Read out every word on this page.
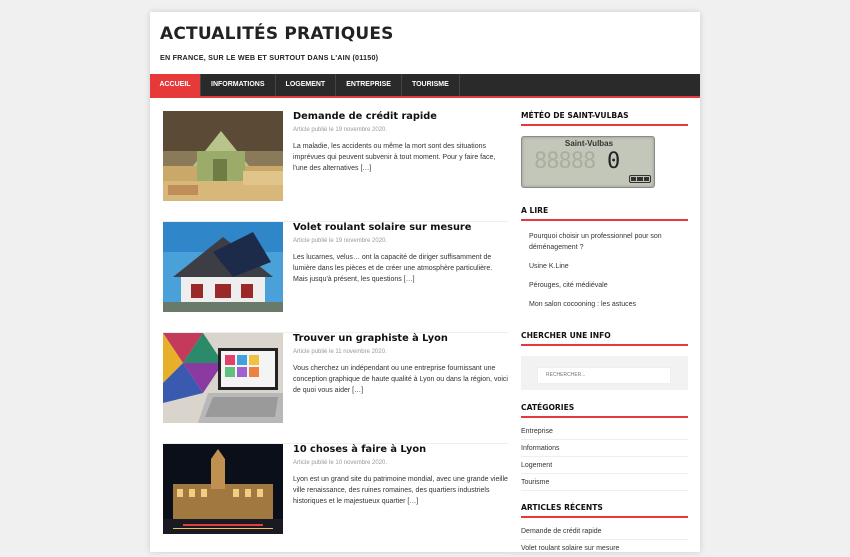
ACTUALITÉS PRATIQUES
EN FRANCE, SUR LE WEB ET SURTOUT DANS L'AIN (01150)
ACCUEIL	INFORMATIONS	LOGEMENT	ENTREPRISE	TOURISME
Demande de crédit rapide
Article publié le 19 novembre 2020.
La maladie, les accidents ou même la mort sont des situations imprévues qui peuvent subvenir à tout moment. Pour y faire face, l'une des alternatives […]
Volet roulant solaire sur mesure
Article publié le 19 novembre 2020.
Les lucarnes, velus… ont la capacité de diriger suffisamment de lumière dans les pièces et de créer une atmosphère particulière. Mais jusqu'à présent, les questions […]
Trouver un graphiste à Lyon
Article publié le 11 novembre 2020.
Vous cherchez un indépendant ou une entreprise fournissant une conception graphique de haute qualité à Lyon ou dans la région, voici de quoi vous aider […]
10 choses à faire à Lyon
Article publié le 10 novembre 2020.
Lyon est un grand site du patrimoine mondial, avec une grande vieille ville renaissance, des ruines romaines, des quartiers industriels historiques et le majestueux quartier […]
MÉTÉO DE SAINT-VULBAS
Saint-Vulbas
88888 0
A LIRE
Pourquoi choisir un professionnel pour son déménagement ?
Usine K.Line
Pérouges, cité médiévale
Mon salon cocooning : les astuces
CHERCHER UNE INFO
RECHERCHER...
CATÉGORIES
Entreprise
Informations
Logement
Tourisme
ARTICLES RÉCENTS
Demande de crédit rapide
Volet roulant solaire sur mesure
